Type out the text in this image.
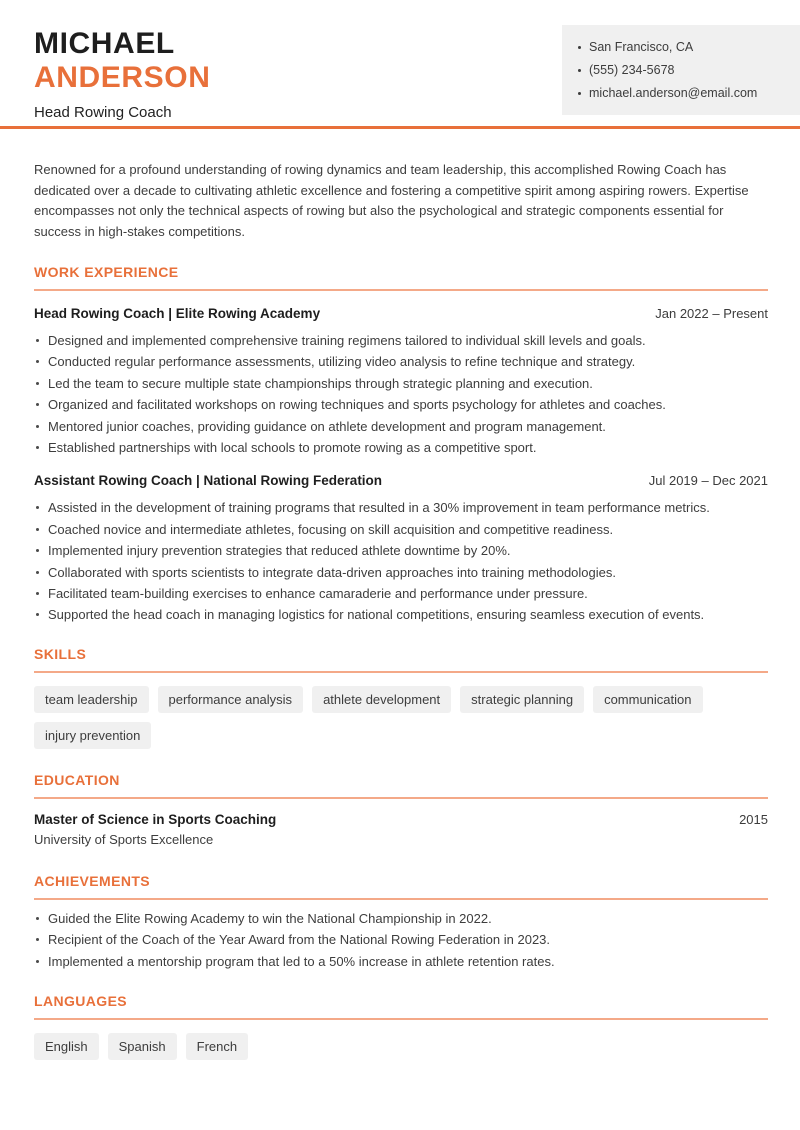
MICHAEL
ANDERSON
Head Rowing Coach
San Francisco, CA
(555) 234-5678
michael.anderson@email.com

Renowned for a profound understanding of rowing dynamics and team leadership, this accomplished Rowing Coach has dedicated over a decade to cultivating athletic excellence and fostering a competitive spirit among aspiring rowers. Expertise encompasses not only the technical aspects of rowing but also the psychological and strategic components essential for success in high-stakes competitions.

WORK EXPERIENCE
Head Rowing Coach | Elite Rowing Academy	Jan 2022 – Present
Designed and implemented comprehensive training regimens tailored to individual skill levels and goals.
Conducted regular performance assessments, utilizing video analysis to refine technique and strategy.
Led the team to secure multiple state championships through strategic planning and execution.
Organized and facilitated workshops on rowing techniques and sports psychology for athletes and coaches.
Mentored junior coaches, providing guidance on athlete development and program management.
Established partnerships with local schools to promote rowing as a competitive sport.
Assistant Rowing Coach | National Rowing Federation	Jul 2019 – Dec 2021
Assisted in the development of training programs that resulted in a 30% improvement in team performance metrics.
Coached novice and intermediate athletes, focusing on skill acquisition and competitive readiness.
Implemented injury prevention strategies that reduced athlete downtime by 20%.
Collaborated with sports scientists to integrate data-driven approaches into training methodologies.
Facilitated team-building exercises to enhance camaraderie and performance under pressure.
Supported the head coach in managing logistics for national competitions, ensuring seamless execution of events.
SKILLS
team leadership	performance analysis	athlete development	strategic planning	communication
injury prevention
EDUCATION
Master of Science in Sports Coaching	2015
University of Sports Excellence
ACHIEVEMENTS
Guided the Elite Rowing Academy to win the National Championship in 2022.
Recipient of the Coach of the Year Award from the National Rowing Federation in 2023.
Implemented a mentorship program that led to a 50% increase in athlete retention rates.
LANGUAGES
English	Spanish	French
